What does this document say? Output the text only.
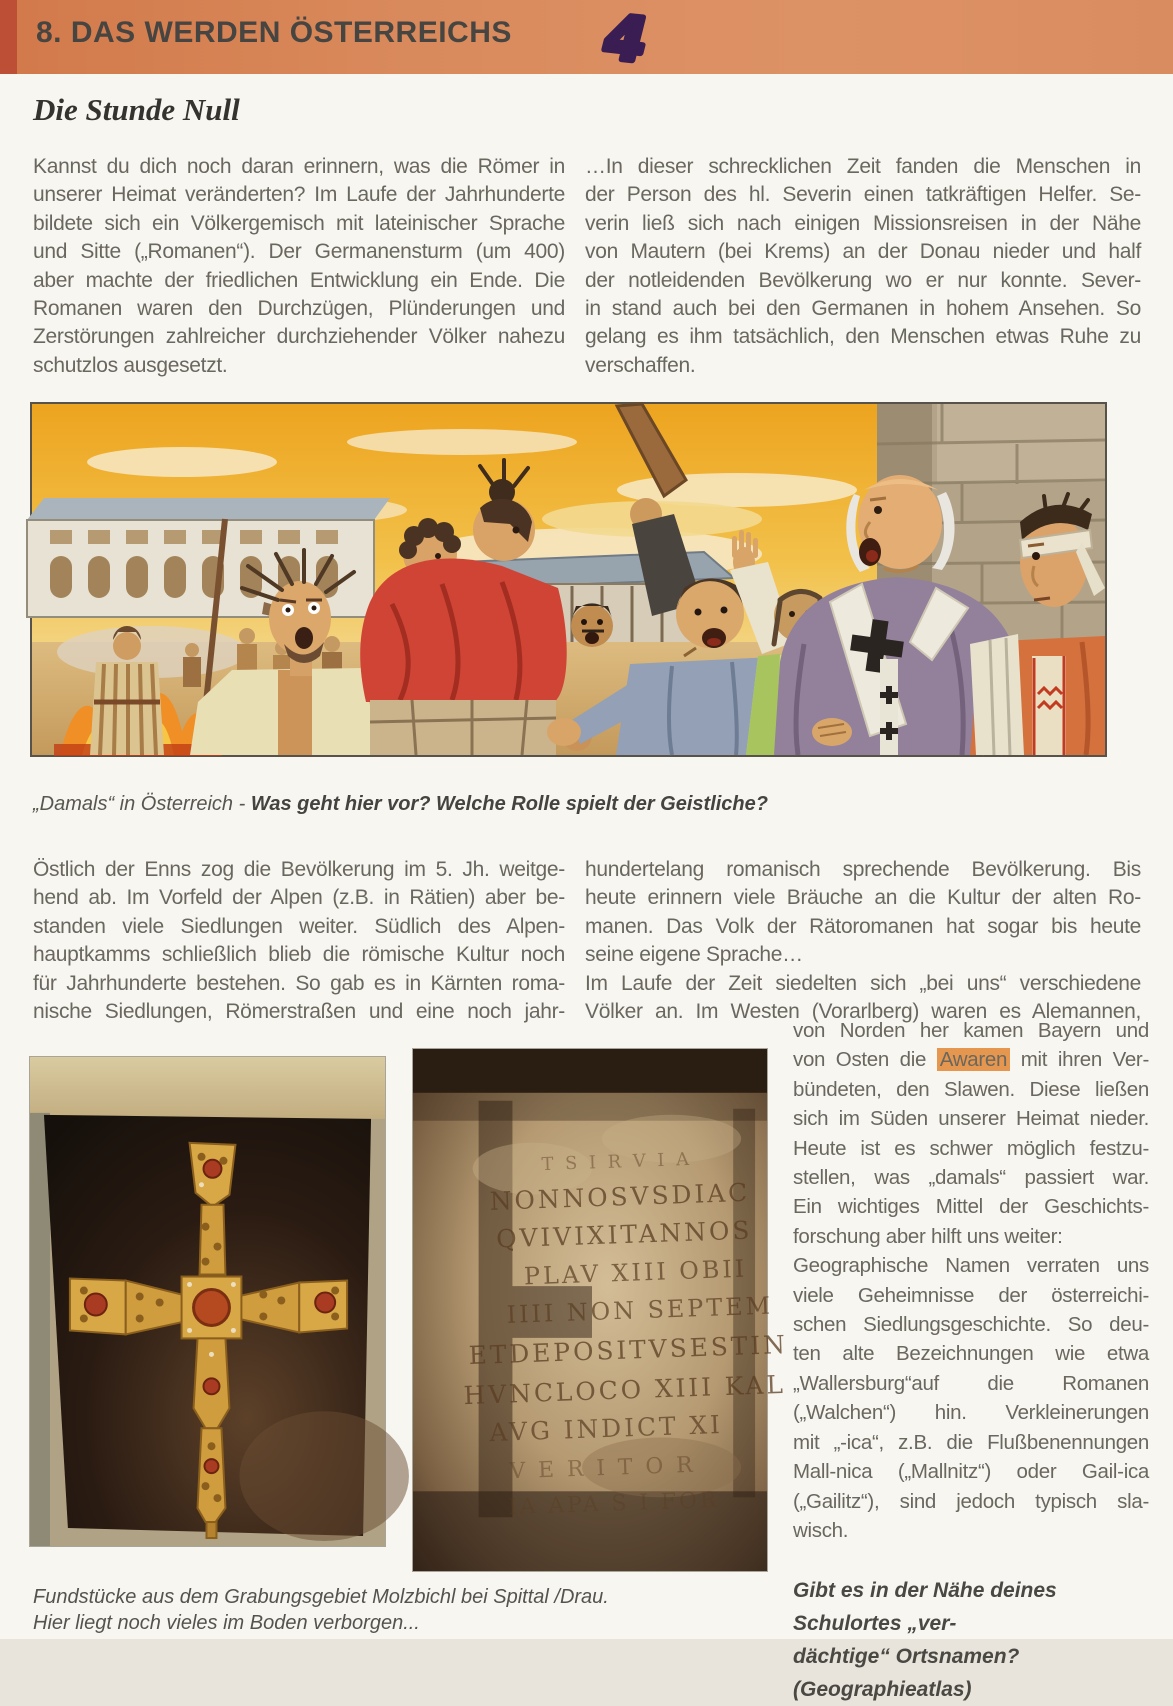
8. DAS WERDEN ÖSTERREICHS 4
Die Stunde Null
Kannst du dich noch daran erinnern, was die Römer in
unserer Heimat veränderten? Im Laufe der Jahrhunderte
bildete sich ein Völkergemisch mit lateinischer Sprache
und Sitte („Romanen“). Der Germanensturm (um 400)
aber machte der friedlichen Entwicklung ein Ende. Die
Romanen waren den Durchzügen, Plünderungen und
Zerstörungen zahlreicher durchziehender Völker nahezu
schutzlos ausgesetzt.
…In dieser schrecklichen Zeit fanden die Menschen in
der Person des hl. Severin einen tatkräftigen Helfer. Se-
verin ließ sich nach einigen Missionsreisen in der Nähe
von Mautern (bei Krems) an der Donau nieder und half
der notleidenden Bevölkerung wo er nur konnte. Sever-
in stand auch bei den Germanen in hohem Ansehen. So
gelang es ihm tatsächlich, den Menschen etwas Ruhe zu
verschaffen.
„Damals“ in Österreich - Was geht hier vor? Welche Rolle spielt der Geistliche?
Östlich der Enns zog die Bevölkerung im 5. Jh. weitge-
hend ab. Im Vorfeld der Alpen (z.B. in Rätien) aber be-
standen viele Siedlungen weiter. Südlich des Alpen-
hauptkamms schließlich blieb die römische Kultur noch
für Jahrhunderte bestehen. So gab es in Kärnten roma-
nische Siedlungen, Römerstraßen und eine noch jahr-
hundertelang romanisch sprechende Bevölkerung. Bis
heute erinnern viele Bräuche an die Kultur der alten Ro-
manen. Das Volk der Rätoromanen hat sogar bis heute
seine eigene Sprache…
Im Laufe der Zeit siedelten sich „bei uns“ verschiedene
Völker an. Im Westen (Vorarlberg) waren es Alemannen,
von Norden her kamen Bayern und
von Osten die Awaren mit ihren Ver-
bündeten, den Slawen. Diese ließen
sich im Süden unserer Heimat nieder.
Heute ist es schwer möglich festzu-
stellen, was „damals“ passiert war.
Ein wichtiges Mittel der Geschichts-
forschung aber hilft uns weiter:
Geographische Namen verraten uns
viele Geheimnisse der österreichi-
schen Siedlungsgeschichte. So deu-
ten alte Bezeichnungen wie etwa
„Wallersburg“auf die Romanen
(„Walchen“) hin. Verkleinerungen
mit „-ica“, z.B. die Flußbenennungen
Mall-nica („Mallnitz“) oder Gail-ica
(„Gailitz“), sind jedoch typisch sla-
wisch.
T S I R V I A
NONNOSVSDIAC
QVIVIXITANNOS
PLAV XIII OBII
IIII NON SEPTEM
ETDEPOSITVSESTIN
HVNCLOCO XIII KAL
AVG INDICT XI
V E R I T O R
IA APA S I FOR
Fundstücke aus dem Grabungsgebiet Molzbichl bei Spittal /Drau.
Hier liegt noch vieles im Boden verborgen...
Gibt es in der Nähe deines Schulortes „ver-
dächtige“ Ortsnamen? (Geographieatlas)
